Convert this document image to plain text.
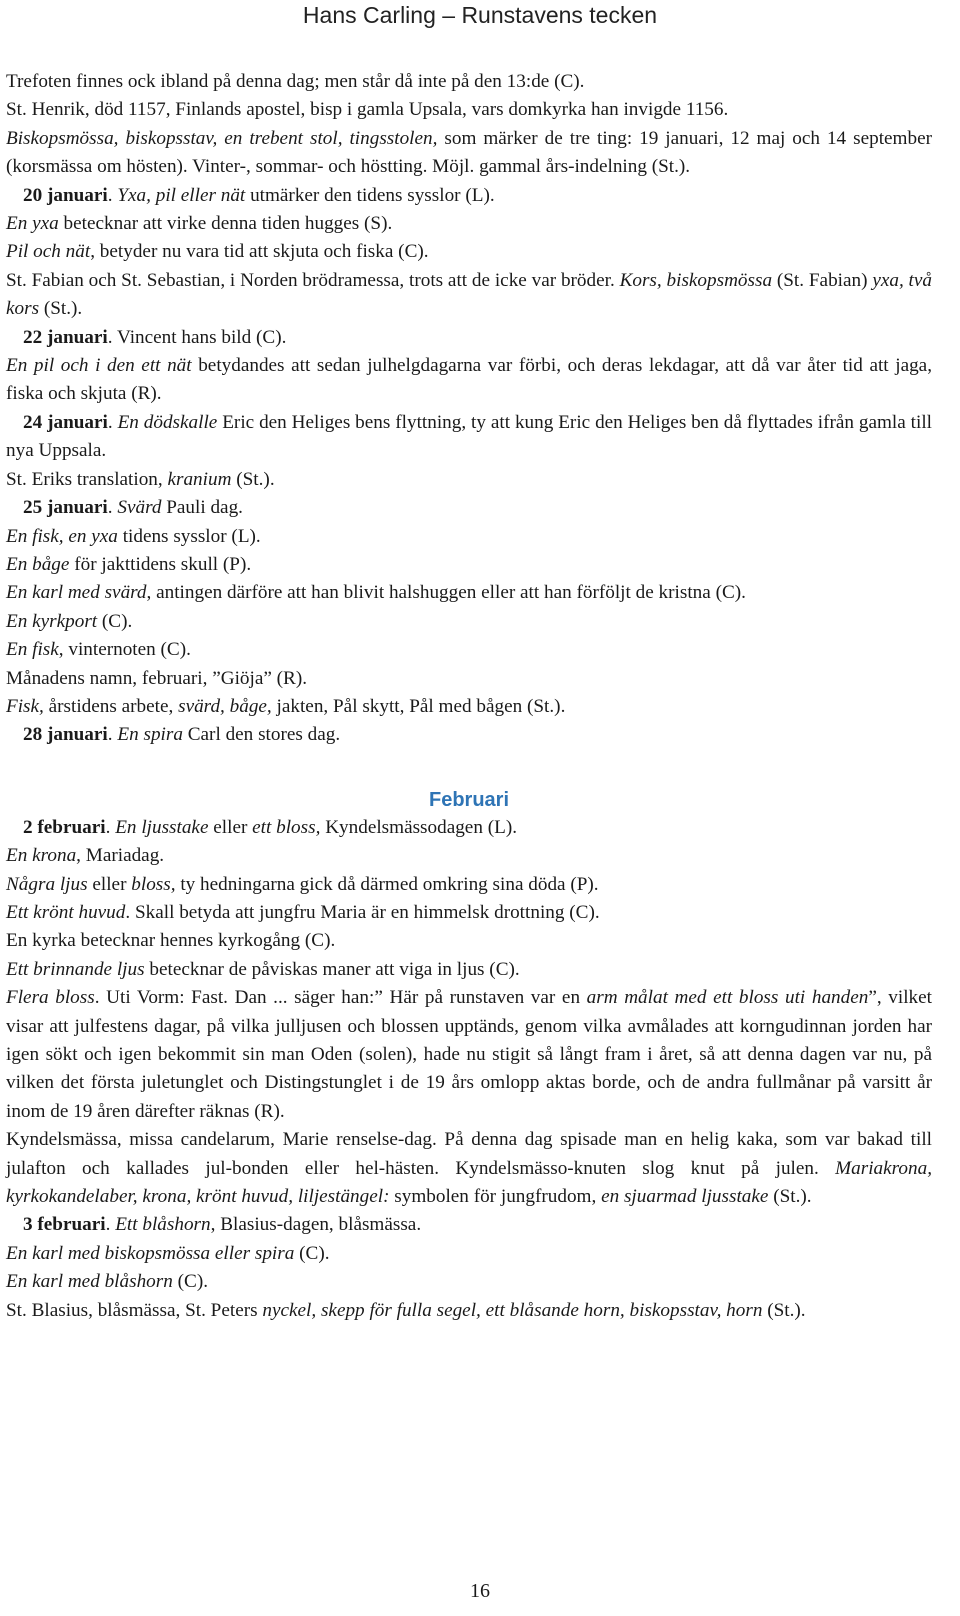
Hans Carling – Runstavens tecken

Trefoten finnes ock ibland på denna dag; men står då inte på den 13:de (C).

St. Henrik, död 1157, Finlands apostel, bisp i gamla Upsala, vars domkyrka han invigde 1156.

Biskopsmössa, biskopsstav, en trebent stol, tingsstolen, som märker de tre ting: 19 januari, 12 maj och 14 september (korsmässa om hösten). Vinter-, sommar- och höstting. Möjl. gammal års-indelning (St.).

20 januari. Yxa, pil eller nät utmärker den tidens sysslor (L).

En yxa betecknar att virke denna tiden hugges (S).

Pil och nät, betyder nu vara tid att skjuta och fiska (C).

St. Fabian och St. Sebastian, i Norden brödramessa, trots att de icke var bröder. Kors, biskopsmössa (St. Fabian) yxa, två kors (St.).

22 januari. Vincent hans bild (C).

En pil och i den ett nät betydandes att sedan julhelgdagarna var förbi, och deras lekdagar, att då var åter tid att jaga, fiska och skjuta (R).

24 januari. En dödskalle Eric den Heliges bens flyttning, ty att kung Eric den Heliges ben då flyttades ifrån gamla till nya Uppsala.

St. Eriks translation, kranium (St.).

25 januari. Svärd Pauli dag.

En fisk, en yxa tidens sysslor (L).

En båge för jakttidens skull (P).

En karl med svärd, antingen därföre att han blivit halshuggen eller att han förföljt de kristna (C).

En kyrkport (C).

En fisk, vinternoten (C).

Månadens namn, februari, ”Giöja” (R).

Fisk, årstidens arbete, svärd, båge, jakten, Pål skytt, Pål med bågen (St.).

28 januari. En spira Carl den stores dag.

Februari

2 februari. En ljusstake eller ett bloss, Kyndelsmässodagen (L).

En krona, Mariadag.

Några ljus eller bloss, ty hedningarna gick då därmed omkring sina döda (P).

Ett krönt huvud. Skall betyda att jungfru Maria är en himmelsk drottning (C).

En kyrka betecknar hennes kyrkogång (C).

Ett brinnande ljus betecknar de påviskas maner att viga in ljus (C).

Flera bloss. Uti Vorm: Fast. Dan ... säger han:” Här på runstaven var en arm målat med ett bloss uti handen”, vilket visar att julfestens dagar, på vilka julljusen och blossen upptänds, genom vilka avmålades att korngudinnan jorden har igen sökt och igen bekommit sin man Oden (solen), hade nu stigit så långt fram i året, så att denna dagen var nu, på vilken det första juletunglet och Distingstunglet i de 19 års omlopp aktas borde, och de andra fullmånar på varsitt år inom de 19 åren därefter räknas (R).

Kyndelsmässa, missa candelarum, Marie renselse-dag. På denna dag spisade man en helig kaka, som var bakad till julafton och kallades jul-bonden eller hel-hästen. Kyndelsmässo-knuten slog knut på julen. Mariakrona, kyrkokandelaber, krona, krönt huvud, liljestängel: symbolen för jungfrudom, en sjuarmad ljusstake (St.).

3 februari. Ett blåshorn, Blasius-dagen, blåsmässa.

En karl med biskopsmössa eller spira (C).

En karl med blåshorn (C).

St. Blasius, blåsmässa, St. Peters nyckel, skepp för fulla segel, ett blåsande horn, biskopsstav, horn (St.).

16
